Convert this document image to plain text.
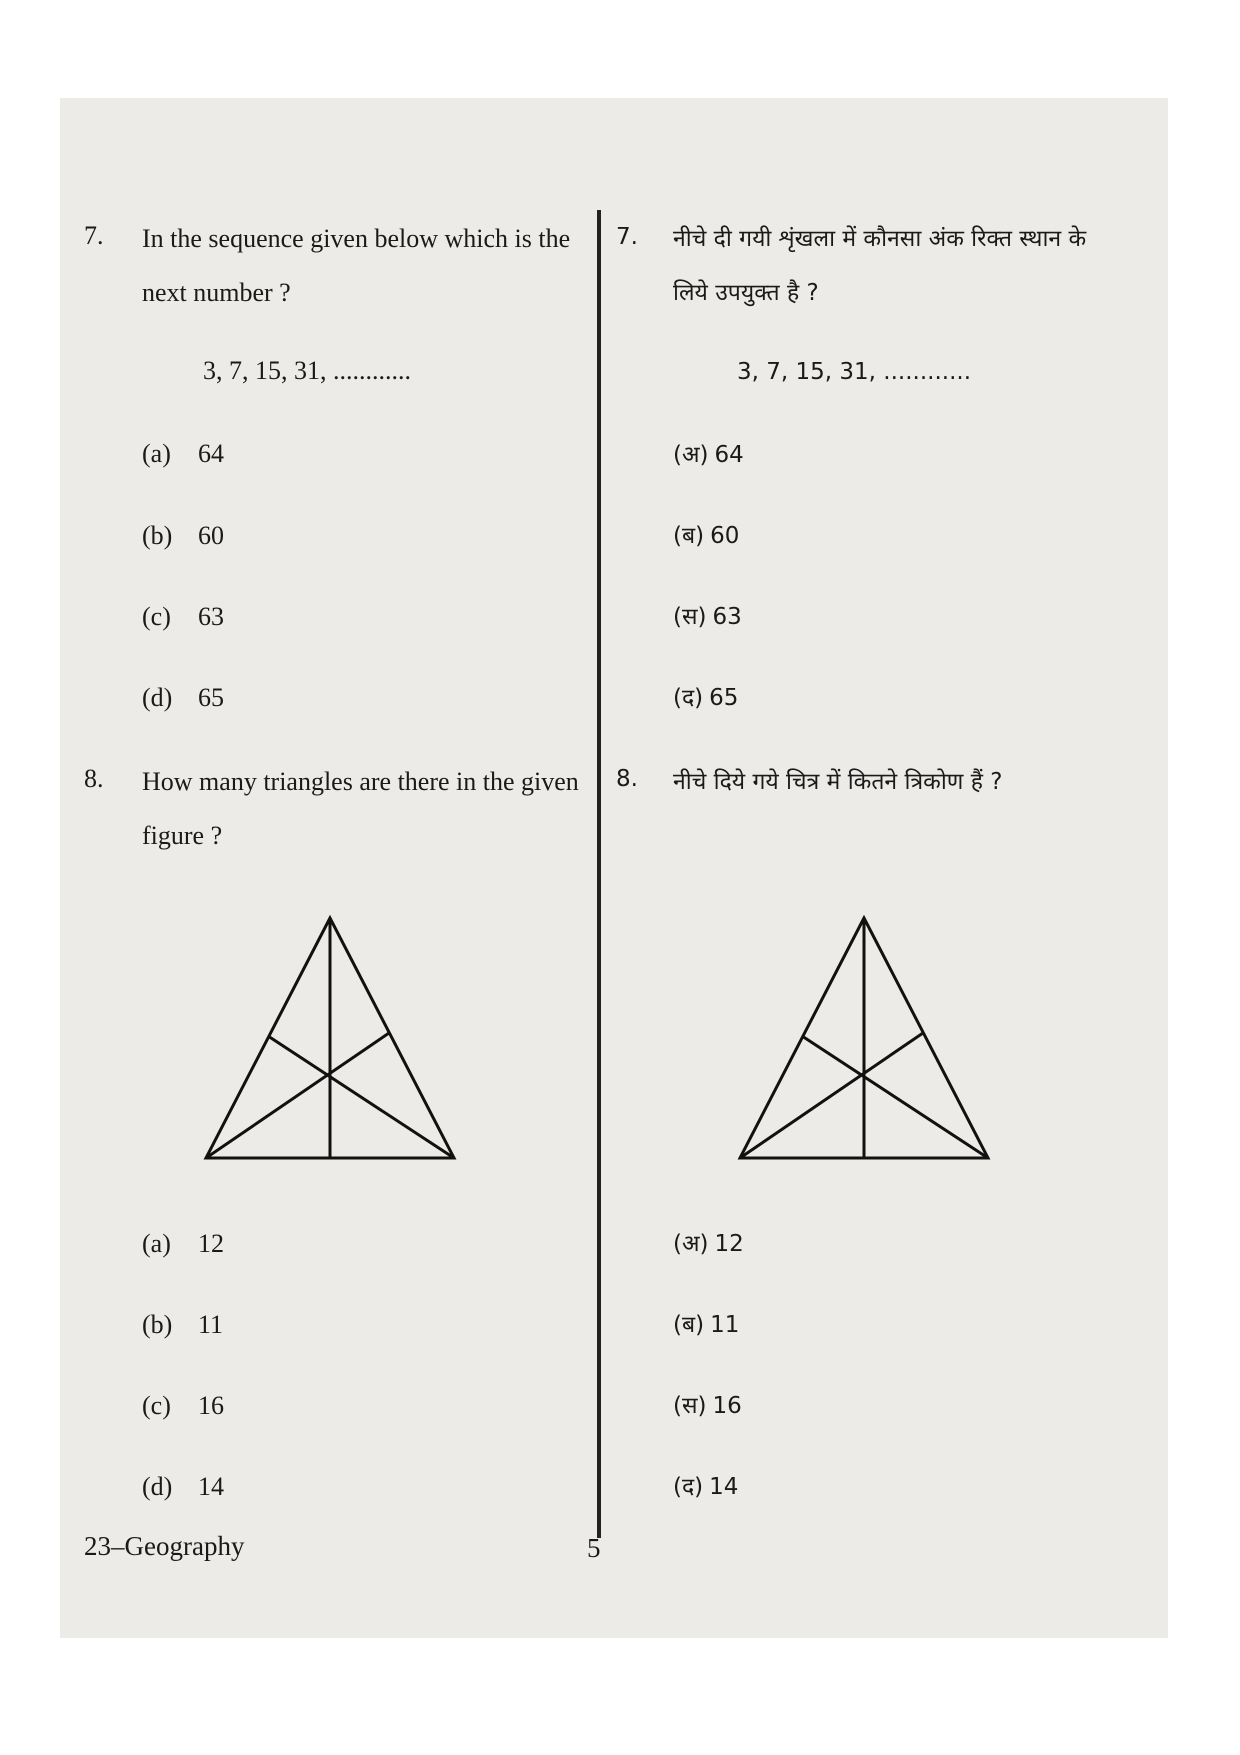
7. In the sequence given below which is the next number ?
3, 7, 15, 31, ............
(a) 64
(b) 60
(c) 63
(d) 65
8. How many triangles are there in the given figure ?
(a) 12
(b) 11
(c) 16
(d) 14
7. नीचे दी गयी शृंखला में कौनसा अंक रिक्त स्थान के लिये उपयुक्त है ?
3, 7, 15, 31, ............
(अ) 64
(ब) 60
(स) 63
(द) 65
8. नीचे दिये गये चित्र में कितने त्रिकोण हैं ?
(अ) 12
(ब) 11
(स) 16
(द) 14
23–Geography	5
